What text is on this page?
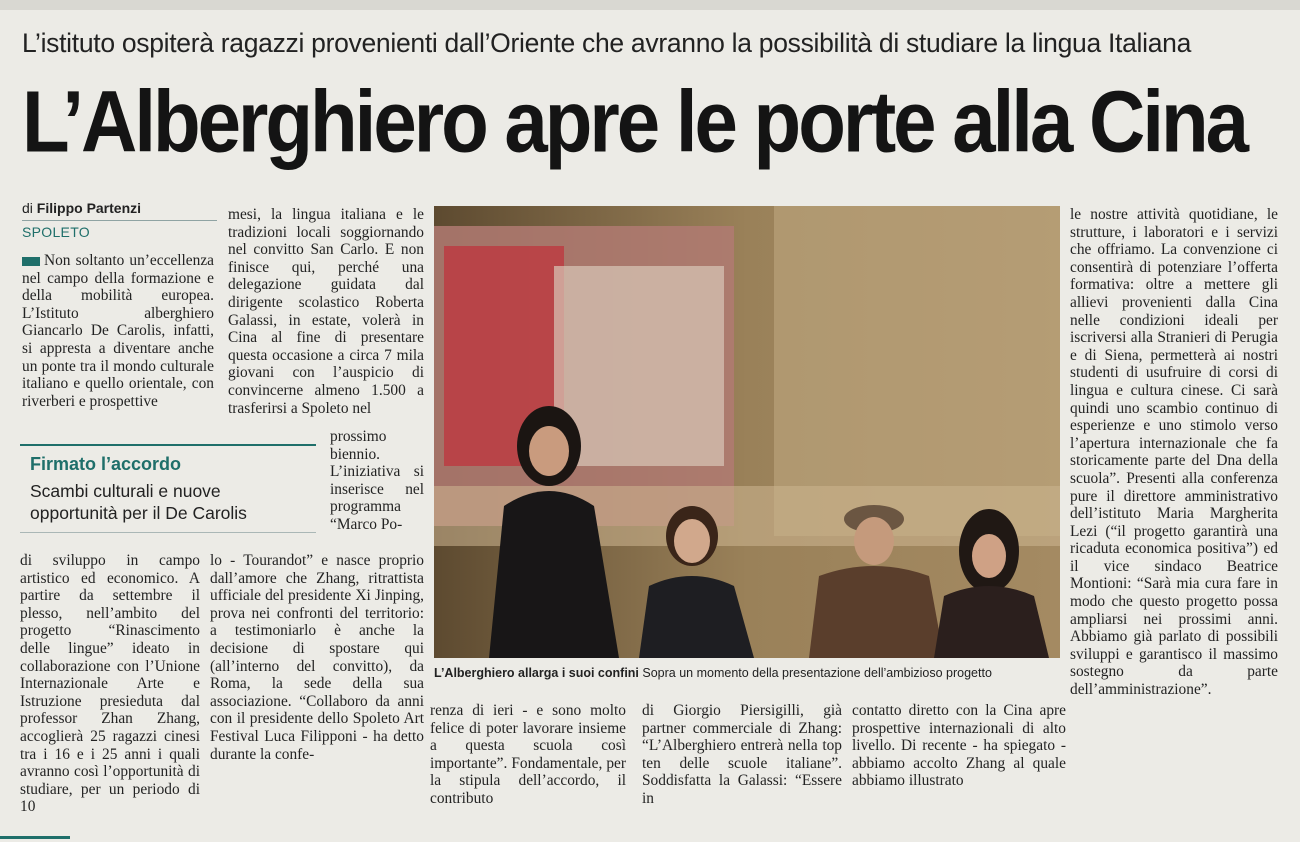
L’istituto ospiterà ragazzi provenienti dall’Oriente che avranno la possibilità di studiare la lingua Italiana
L’Alberghiero apre le porte alla Cina
di Filippo Partenzi
SPOLETO
Non soltanto un’eccellenza nel campo della formazione e della mobilità europea. L’Istituto alberghiero Giancarlo De Carolis, infatti, si appresta a diventare anche un ponte tra il mondo culturale italiano e quello orientale, con riverberi e prospettive
Firmato l’accordo
Scambi culturali e nuove opportunità per il De Carolis
di sviluppo in campo artistico ed economico. A partire da settembre il plesso, nell’ambito del progetto “Rinascimento delle lingue” ideato in collaborazione con l’Unione Internazionale Arte e Istruzione presieduta dal professor Zhan Zhang, accoglierà 25 ragazzi cinesi tra i 16 e i 25 anni i quali avranno così l’opportunità di studiare, per un periodo di 10
mesi, la lingua italiana e le tradizioni locali soggiornando nel convitto San Carlo. E non finisce qui, perché una delegazione guidata dal dirigente scolastico Roberta Galassi, in estate, volerà in Cina al fine di presentare questa occasione a circa 7 mila giovani con l’auspicio di convincerne almeno 1.500 a trasferirsi a Spoleto nel
prossimo biennio. L’iniziativa si inserisce nel programma “Marco Po-
lo - Tourandot” e nasce proprio dall’amore che Zhang, ritrattista ufficiale del presidente Xi Jinping, prova nei confronti del territorio: a testimoniarlo è anche la decisione di spostare qui (all’interno del convitto), da Roma, la sede della sua associazione. “Collaboro da anni con il presidente dello Spoleto Art Festival Luca Filipponi - ha detto durante la confe-
L’Alberghiero allarga i suoi confini Sopra un momento della presentazione dell’ambizioso progetto
renza di ieri - e sono molto felice di poter lavorare insieme a questa scuola così importante”. Fondamentale, per la stipula dell’accordo, il contributo
di Giorgio Piersigilli, già partner commerciale di Zhang: “L’Alberghiero entrerà nella top ten delle scuole italiane”. Soddisfatta la Galassi: “Essere in
contatto diretto con la Cina apre prospettive internazionali di alto livello. Di recente - ha spiegato - abbiamo accolto Zhang al quale abbiamo illustrato
le nostre attività quotidiane, le strutture, i laboratori e i servizi che offriamo. La convenzione ci consentirà di potenziare l’offerta formativa: oltre a mettere gli allievi provenienti dalla Cina nelle condizioni ideali per iscriversi alla Stranieri di Perugia e di Siena, permetterà ai nostri studenti di usufruire di corsi di lingua e cultura cinese. Ci sarà quindi uno scambio continuo di esperienze e uno stimolo verso l’apertura internazionale che fa storicamente parte del Dna della scuola”. Presenti alla conferenza pure il direttore amministrativo dell’istituto Maria Margherita Lezi (“il progetto garantirà una ricaduta economica positiva”) ed il vice sindaco Beatrice Montioni: “Sarà mia cura fare in modo che questo progetto possa ampliarsi nei prossimi anni. Abbiamo già parlato di possibili sviluppi e garantisco il massimo sostegno da parte dell’amministrazione”.
